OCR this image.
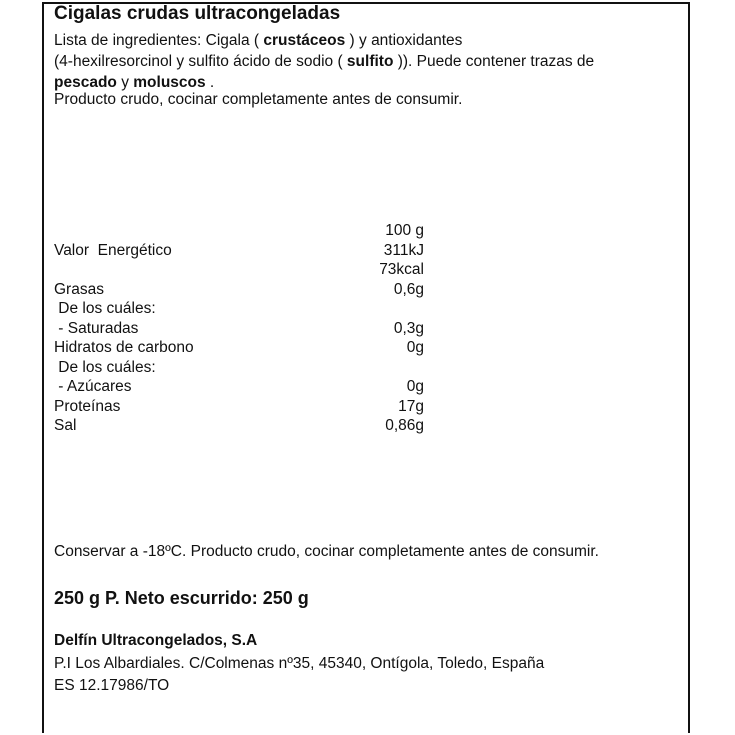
Cigalas crudas ultracongeladas
Lista de ingredientes: Cigala ( crustáceos ) y antioxidantes
(4-hexilresorcinol y sulfito ácido de sodio ( sulfito )). Puede contener trazas de
pescado y moluscos .
Producto crudo, cocinar completamente antes de consumir.
100 g
Valor  Energético	311kJ
73kcal
Grasas	0,6g
De los cuáles:
- Saturadas	0,3g
Hidratos de carbono	0g
De los cuáles:
- Azúcares	0g
Proteínas	17g
Sal	0,86g
Conservar a -18ºC. Producto crudo, cocinar completamente antes de consumir.
250 g P. Neto escurrido: 250 g
Delfín Ultracongelados, S.A
P.I Los Albardiales. C/Colmenas nº35, 45340, Ontígola, Toledo, España
ES 12.17986/TO
